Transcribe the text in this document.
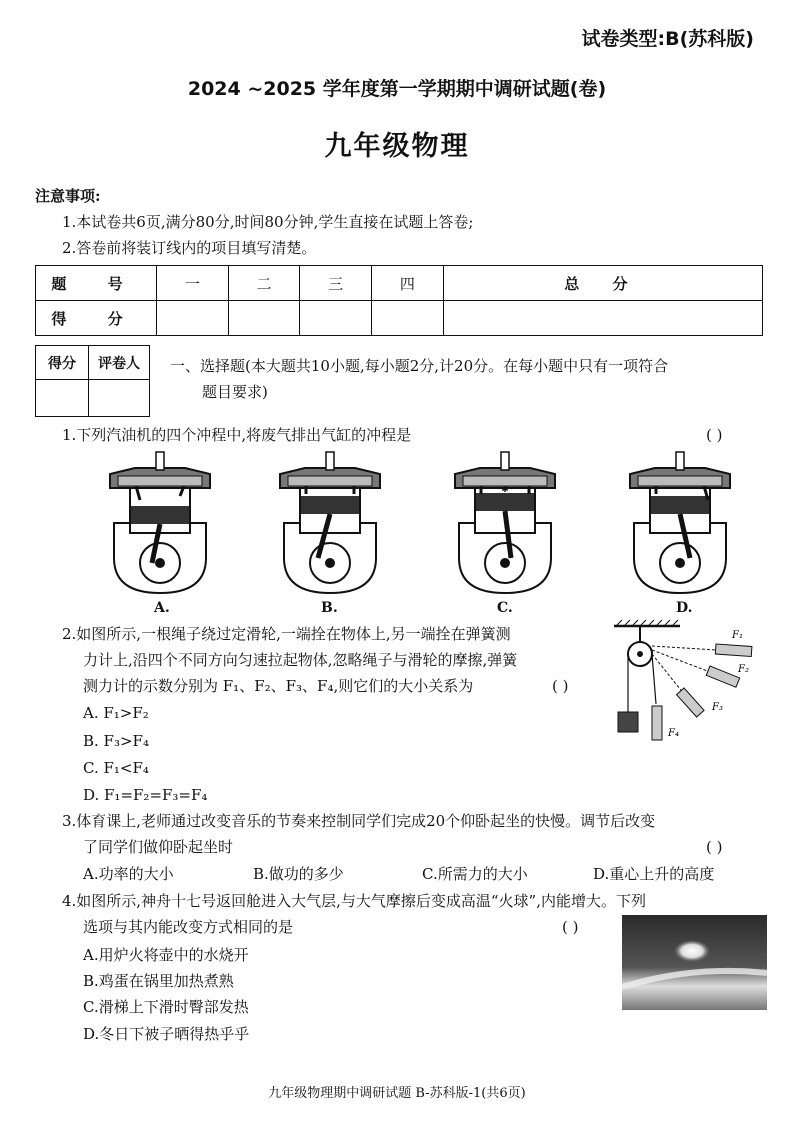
试卷类型:B(苏科版)
2024 ~2025 学年度第一学期期中调研试题(卷)
九年级物理
注意事项:
1.本试卷共6页,满分80分,时间80分钟,学生直接在试题上答卷;
2.答卷前将装订线内的项目填写清楚。
题 号	一	二	三	四	总 分
得 分					
得分	评卷人
	一、选择题(本大题共10小题,每小题2分,计20分。在每小题中只有一项符合
题目要求)
1.下列汽油机的四个冲程中,将废气排出气缸的冲程是	( )
✱
A.	B.	C.	D.
2.如图所示,一根绳子绕过定滑轮,一端拴在物体上,另一端拴在弹簧测
力计上,沿四个不同方向匀速拉起物体,忽略绳子与滑轮的摩擦,弹簧
测力计的示数分别为 F₁、F₂、F₃、F₄,则它们的大小关系为	( )
A. F₁>F₂
B. F₃>F₄
C. F₁<F₄
D. F₁=F₂=F₃=F₄
F₁
F₂
F₃
F₄
3.体育课上,老师通过改变音乐的节奏来控制同学们完成20个仰卧起坐的快慢。调节后改变
了同学们做仰卧起坐时	( )
A.功率的大小	B.做功的多少	C.所需力的大小	D.重心上升的高度
4.如图所示,神舟十七号返回舱进入大气层,与大气摩擦后变成高温“火球”,内能增大。下列
选项与其内能改变方式相同的是	( )
A.用炉火将壶中的水烧开
B.鸡蛋在锅里加热煮熟
C.滑梯上下滑时臀部发热
D.冬日下被子晒得热乎乎
九年级物理期中调研试题 B-苏科版-1(共6页)
